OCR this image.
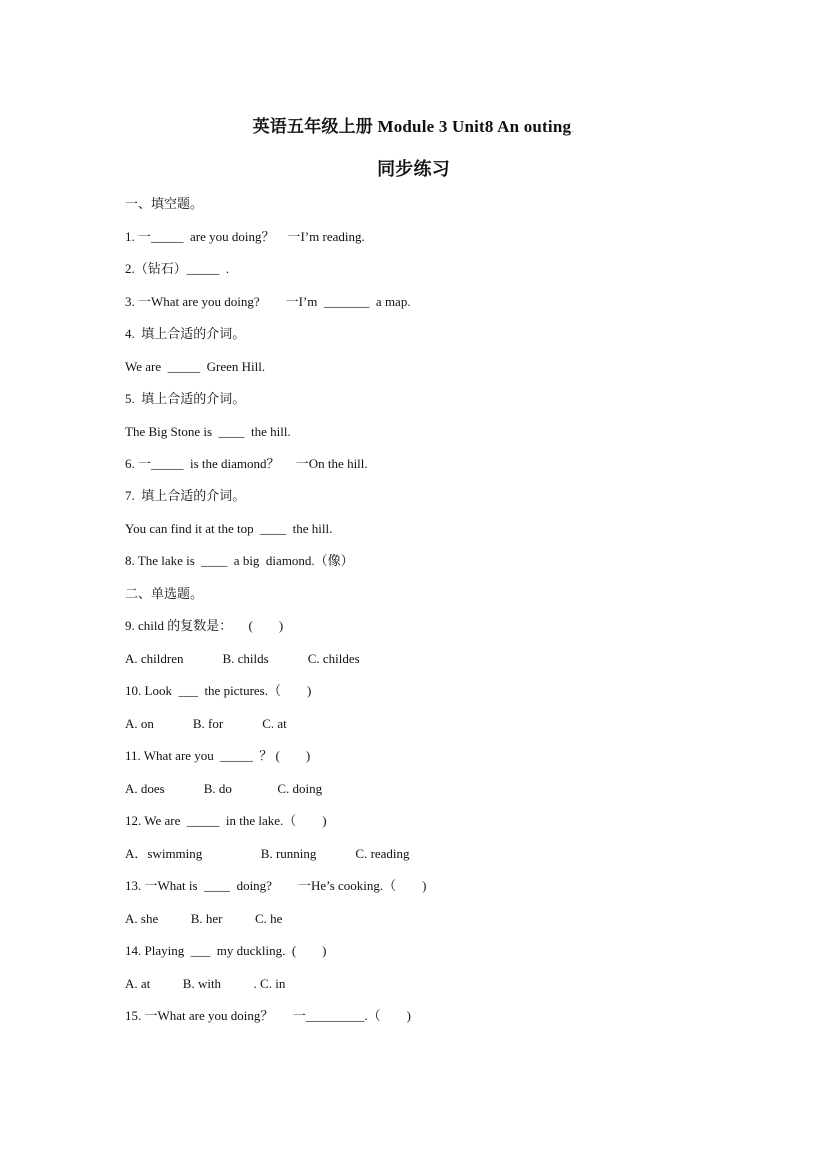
英语五年级上册 Module 3 Unit8 An outing.
同步练习
一、填空题。
1. 一_____  are you doing？    一I’m reading.
2.（钻石）_____  .
3. 一What are you doing?        一I’m  _______  a map.
4.  填上合适的介词。
We are  _____  Green Hill.
5.  填上合适的介词。
The Big Stone is  ____  the hill.
6. 一_____  is the diamond？     一On the hill.
7.  填上合适的介词。
You can find it at the top  ____  the hill.
8. The lake is  ____  a big  diamond.（像）
二、单选题。
9. child 的复数是：     (        )
A. children            B. childs            C. childes
10. Look  ___  the pictures.（        )
A. on            B. for            C. at
11. What are you  _____  ？ (        )
A. does            B. do              C. doing
12. We are  _____  in the lake.（        )
A．swimming                  B. running            C. reading
13. 一What is  ____  doing?        一He’s cooking.（        )
A. she          B. her          C. he
14. Playing  ___  my duckling.  (        )
A. at          B. with          . C. in
15. 一What are you doing？      一_________.（        )
